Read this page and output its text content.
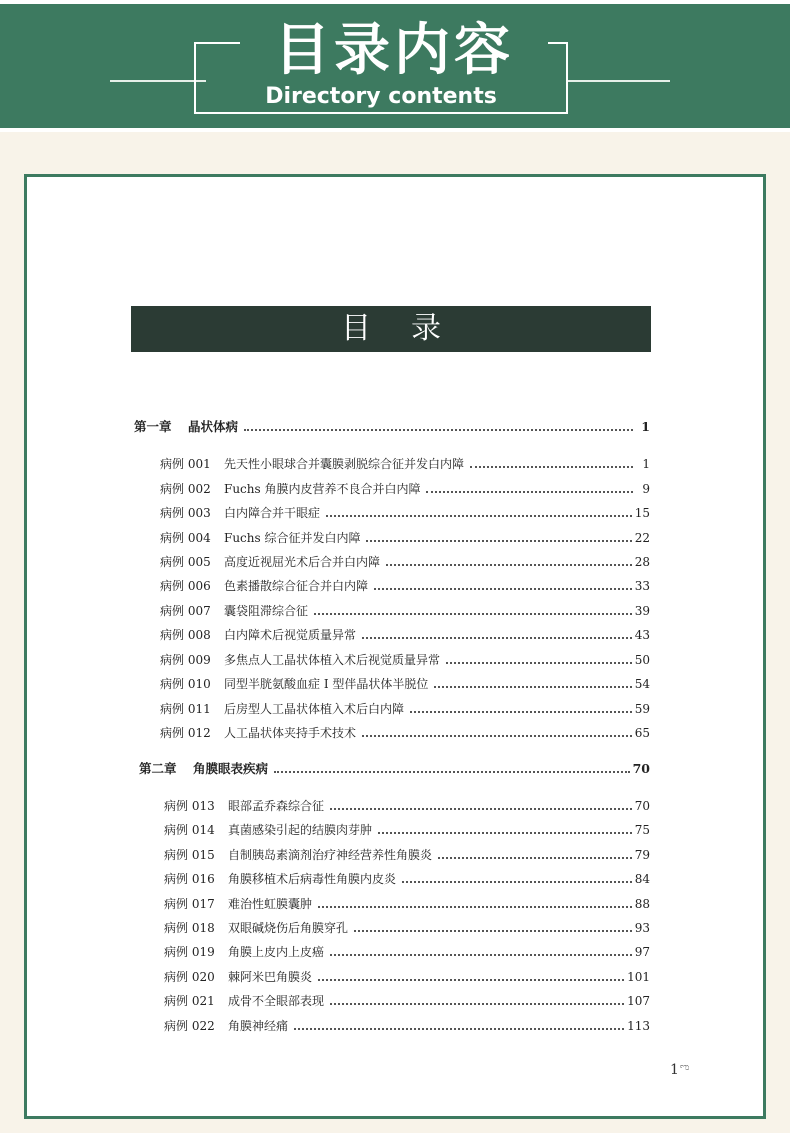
目录内容
Directory contents
目录
第一章	晶状体病	1
病例 001	先天性小眼球合并囊膜剥脱综合征并发白内障	1
病例 002	Fuchs 角膜内皮营养不良合并白内障	9
病例 003	白内障合并干眼症	15
病例 004	Fuchs 综合征并发白内障	22
病例 005	高度近视屈光术后合并白内障	28
病例 006	色素播散综合征合并白内障	33
病例 007	囊袋阻滞综合征	39
病例 008	白内障术后视觉质量异常	43
病例 009	多焦点人工晶状体植入术后视觉质量异常	50
病例 010	同型半胱氨酸血症 I 型伴晶状体半脱位	54
病例 011	后房型人工晶状体植入术后白内障	59
病例 012	人工晶状体夹持手术技术	65
第二章	角膜眼表疾病	70
病例 013	眼部孟乔森综合征	70
病例 014	真菌感染引起的结膜肉芽肿	75
病例 015	自制胰岛素滴剂治疗神经营养性角膜炎	79
病例 016	角膜移植术后病毒性角膜内皮炎	84
病例 017	难治性虹膜囊肿	88
病例 018	双眼碱烧伤后角膜穿孔	93
病例 019	角膜上皮内上皮癌	97
病例 020	棘阿米巴角膜炎	101
病例 021	成骨不全眼部表现	107
病例 022	角膜神经痛	113
$1^ಌ$
